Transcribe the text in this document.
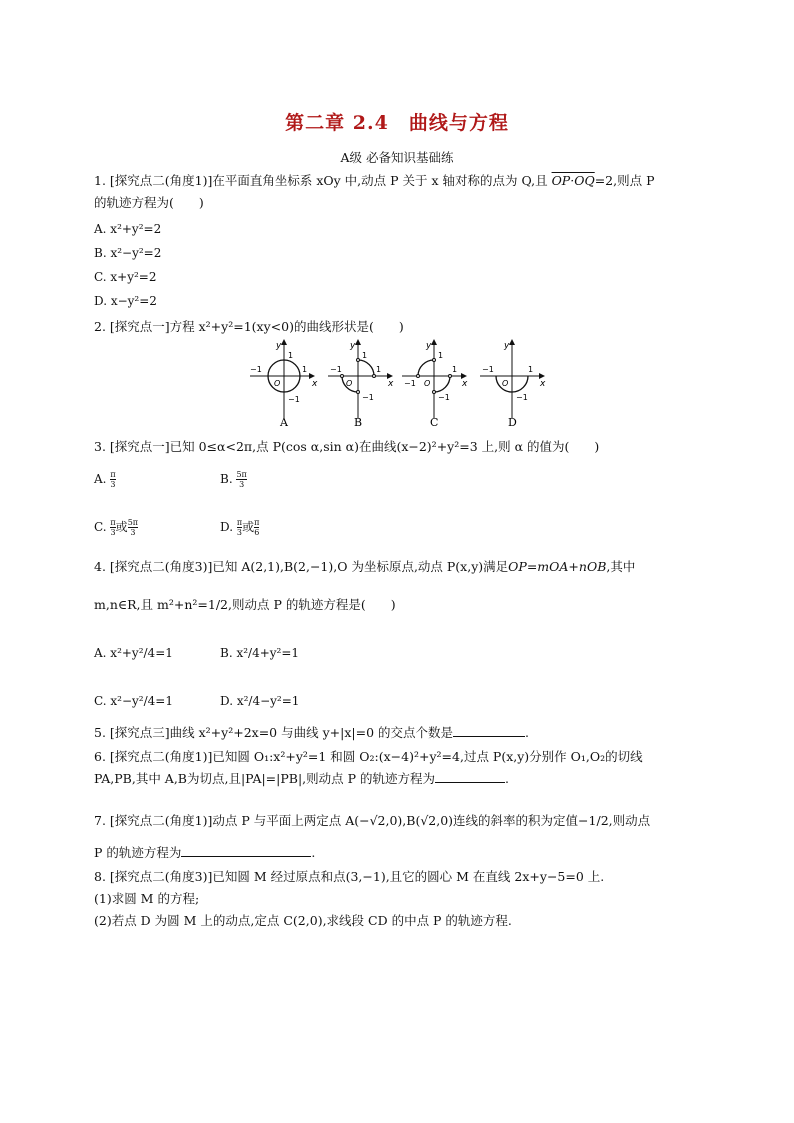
第二章 2.4　曲线与方程
A级 必备知识基础练
1. [探究点二(角度1)]在平面直角坐标系 xOy 中,动点 P 关于 x 轴对称的点为 Q,且 OP·OQ=2,则点 P
的轨迹方程为(　　)
A. x²+y²=2
B. x²−y²=2
C. x+y²=2
D. x−y²=2
2. [探究点一]方程 x²+y²=1(xy<0)的曲线形状是(　　)
y
x
O
−1	1
1
−1
y
x
O
−1	1
1
−1
y
x
O
−1
1
1
−1
y
x
O
−1	1
−1
A	B	C	D
3. [探究点一]已知 0≤α<2π,点 P(cos α,sin α)在曲线(x−2)²+y²=3 上,则 α 的值为(　　)
A. $\frac{\pi}{3}$	B. $\frac{5\pi}{3}$
C. $\frac{\pi}{3}$ 或 $\frac{5\pi}{3}$	D. $\frac{\pi}{3}$ 或 $\frac{\pi}{6}$
4. [探究点二(角度3)]已知 A(2,1),B(2,−1),O 为坐标原点,动点 P(x,y)满足OP=mOA+nOB,其中
m,n∈R,且 m²+n²=1/2,则动点 P 的轨迹方程是(　　)
A. x²+y²/4=1	B. x²/4+y²=1
C. x²−y²/4=1	D. x²/4−y²=1
5. [探究点三]曲线 x²+y²+2x=0 与曲线 y+|x|=0 的交点个数是	.
6. [探究点二(角度1)]已知圆 O₁:x²+y²=1 和圆 O₂:(x−4)²+y²=4,过点 P(x,y)分别作 O₁,O₂的切线
PA,PB,其中 A,B为切点,且|PA|=|PB|,则动点 P 的轨迹方程为	.
7. [探究点二(角度1)]动点 P 与平面上两定点 A(−√2,0),B(√2,0)连线的斜率的积为定值−1/2,则动点
P 的轨迹方程为	.
8. [探究点二(角度3)]已知圆 M 经过原点和点(3,−1),且它的圆心 M 在直线 2x+y−5=0 上.
(1)求圆 M 的方程;
(2)若点 D 为圆 M 上的动点,定点 C(2,0),求线段 CD 的中点 P 的轨迹方程.
